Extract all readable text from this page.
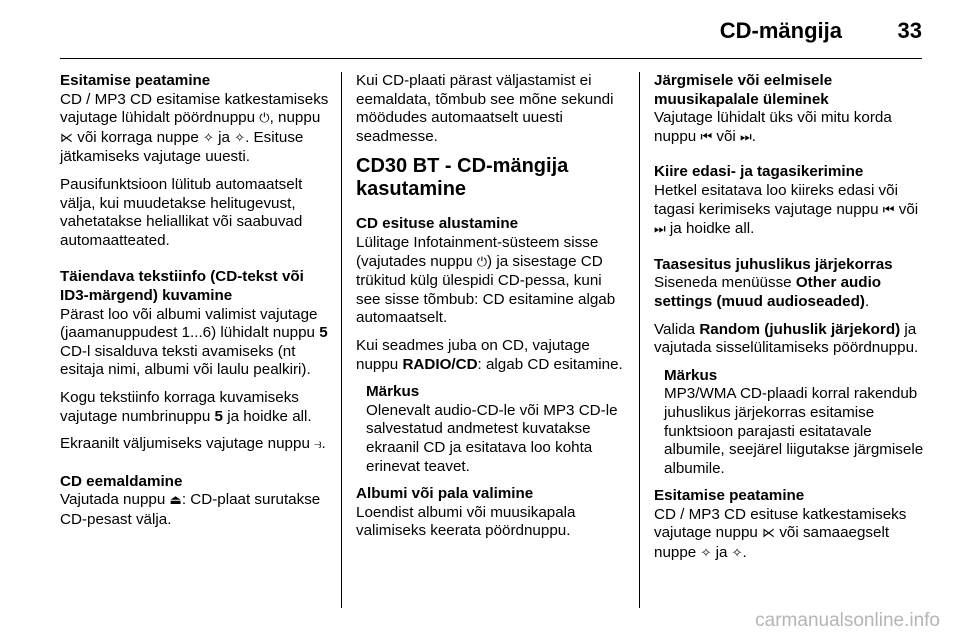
CD-mängija	33

Esitamise peatamine
CD / MP3 CD esitamise katkestamiseks vajutage lühidalt pöördnuppu ⏻, nuppu ⋉ või korraga nuppe ✧ ja ✧. Esituse jätkamiseks vajutage uuesti.

Pausifunktsioon lülitub automaatselt välja, kui muudetakse helitugevust, vahetatakse heliallikat või saabuvad automaatteated.

Täiendava tekstiinfo (CD-tekst või ID3-märgend) kuvamine
Pärast loo või albumi valimist vajutage (jaamanuppudest 1...6) lühidalt nuppu 5 CD-l sisalduva teksti avamiseks (nt esitaja nimi, albumi või laulu pealkiri).

Kogu tekstiinfo korraga kuvamiseks vajutage numbrinuppu 5 ja hoidke all.

Ekraanilt väljumiseks vajutage nuppu ⥽.

CD eemaldamine
Vajutada nuppu ⏏: CD-plaat surutakse CD-pesast välja.

Kui CD-plaati pärast väljastamist ei eemaldata, tõmbub see mõne sekundi möödudes automaatselt uuesti seadmesse.

CD30 BT - CD-mängija kasutamine

CD esituse alustamine
Lülitage Infotainment-süsteem sisse (vajutades nuppu ⏻) ja sisestage CD trükitud külg ülespidi CD-pessa, kuni see sisse tõmbub: CD esitamine algab automaatselt.

Kui seadmes juba on CD, vajutage nuppu RADIO/CD: algab CD esitamine.

Märkus
Olenevalt audio-CD-le või MP3 CD-le salvestatud andmetest kuvatakse ekraanil CD ja esitatava loo kohta erinevat teavet.

Albumi või pala valimine
Loendist albumi või muusikapala valimiseks keerata pöördnuppu.

Järgmisele või eelmisele muusikapalale üleminek
Vajutage lühidalt üks või mitu korda nuppu ⏮ või ⏭.

Kiire edasi- ja tagasikerimine
Hetkel esitatava loo kiireks edasi või tagasi kerimiseks vajutage nuppu ⏮ või ⏭ ja hoidke all.

Taasesitus juhuslikus järjekorras
Siseneda menüüsse Other audio settings (muud audioseaded).

Valida Random (juhuslik järjekord) ja vajutada sisselülitamiseks pöördnuppu.

Märkus
MP3/WMA CD-plaadi korral rakendub juhuslikus järjekorras esitamise funktsioon parajasti esitatavale albumile, seejärel liigutakse järgmisele albumile.

Esitamise peatamine
CD / MP3 CD esituse katkestamiseks vajutage nuppu ⋉ või samaaegselt nuppe ✧ ja ✧.

carmanualsonline.info
